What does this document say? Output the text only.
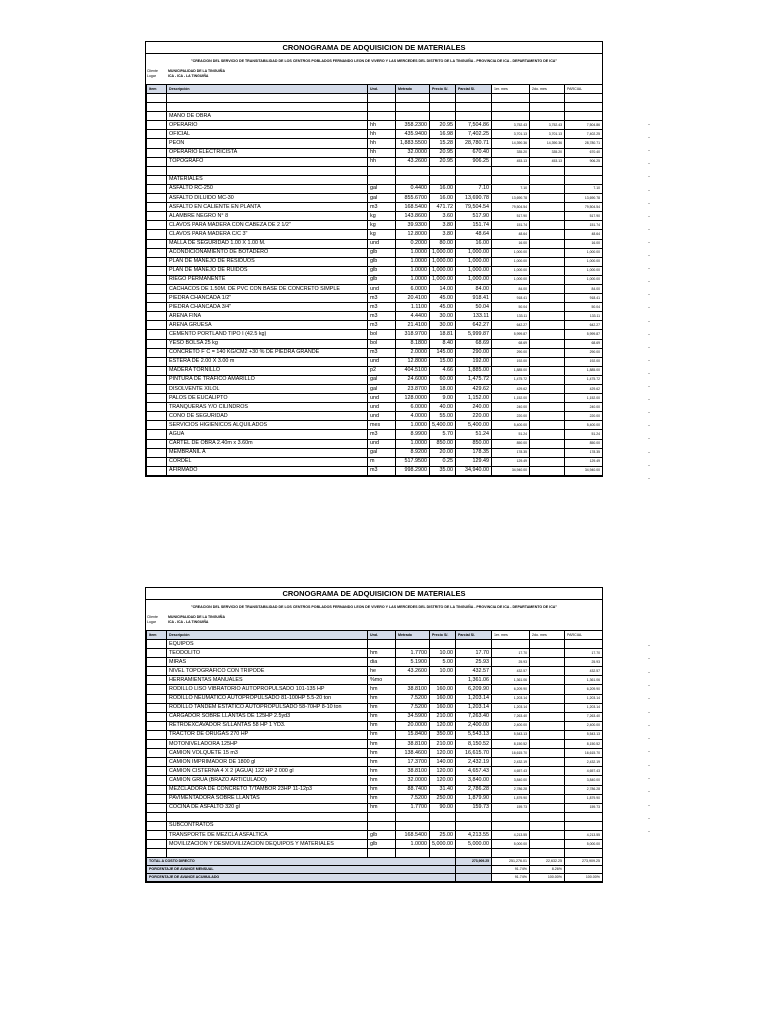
CRONOGRAMA DE ADQUISICION DE MATERIALES
"CREACION DEL SERVICIO DE TRANSITABILIDAD DE LOS CENTROS POBLADOS FERNANDO LEON DE VIVERO Y LAS MERCEDES DEL DISTRITO DE LA TINGUIÑA - PROVINCIA DE ICA - DEPARTAMENTO DE ICA"
Cliente	MUNICIPALIDAD DE LA TINGUIÑA
Lugar	ICA - ICA - LA TINGUIÑA
Item	Descripción	Und.	Metrado	Precio S/.	Parcial S/.	1er. mes	2do. mes	PARCIAL

	MANO DE OBRA							
	OPERARIO	hh	358.2300	20.95	7,504.86	3,752.43	3,752.43	7,504.86
	OFICIAL	hh	435.9400	16.98	7,402.25	3,701.13	3,701.13	7,402.25
	PEON	hh	1,883.5500	15.28	28,780.71	14,390.36	14,390.36	28,780.71
	OPERARIO ELECTRICISTA	hh	32.0000	20.95	670.40	335.20	335.20	670.40
	TOPOGRAFO	hh	43.2600	20.95	906.25	453.13	453.13	906.25

	MATERIALES							
	ASFALTO RC-250	gal	0.4400	16.00	7.10	7.10		7.10
	ASFALTO DILUIDO MC-30	gal	855.6700	16.00	13,690.78	13,690.78		13,690.78
	ASFALTO EN CALIENTE EN PLANTA	m3	168.5400	471.72	79,504.54	79,504.54		79,504.54
	ALAMBRE NEGRO N° 8	kg	143.8600	3.60	517.90	517.90		517.90
	CLAVOS PARA MADERA CON CABEZA DE 2 1/2"	kg	39.9300	3.80	151.74	151.74		151.74
	CLAVOS PARA MADERA C/C 3"	kg	12.8000	3.80	48.64	48.64		48.64
	MALLA DE SEGURIDAD 1.00 X 1.00 M.	und	0.2000	80.00	16.00	16.00		16.00
	ACONDICIONAMIENTO DE BOTADERO	glb	1.0000	1,000.00	1,000.00	1,000.00		1,000.00
	PLAN DE MANEJO DE RESIDUOS	glb	1.0000	1,000.00	1,000.00	1,000.00		1,000.00
	PLAN DE MANEJO DE RUIDOS	glb	1.0000	1,000.00	1,000.00	1,000.00		1,000.00
	RIEGO PERMANENTE	glb	1.0000	1,000.00	1,000.00	1,000.00		1,000.00
	CACHACOS DE 1.50M. DE PVC CON BASE DE CONCRETO SIMPLE	und	6.0000	14.00	84.00	84.00		84.00
	PIEDRA CHANCADA 1/2"	m3	20.4100	45.00	918.41	918.41		918.41
	PIEDRA CHANCADA 3/4"	m3	1.1100	45.00	50.04	50.04		50.04
	ARENA FINA	m3	4.4400	30.00	133.11	133.11		133.11
	ARENA GRUESA	m3	21.4100	30.00	642.27	642.27		642.27
	CEMENTO PORTLAND TIPO I (42.5 kg)	bol	318.9700	18.81	5,999.87	5,999.87		5,999.87
	YESO BOLSA 25 kg	bol	8.1800	8.40	68.69	68.69		68.69
	CONCRETO F´C = 140 KG/CM2 +30 % DE PIEDRA GRANDE	m3	2.0000	145.00	290.00	290.00		290.00
	ESTERA DE 2.00 X 3.00 m	und	12.8000	15.00	192.00	192.00		192.00
	MADERA TORNILLO	p2	404.5100	4.66	1,885.00	1,885.00		1,885.00
	PINTURA DE TRAFICO AMARILLO	gal	24.6000	60.00	1,475.72	1,475.72		1,475.72
	DISOLVENTE XILOL	gal	23.8700	18.00	429.62	429.62		429.62
	PALOS DE EUCALIPTO	und	128.0000	9.00	1,152.00	1,152.00		1,152.00
	TRANQUERAS Y/O CILINDROS	und	6.0000	40.00	240.00	240.00		240.00
	CONO DE SEGURIDAD	und	4.0000	55.00	220.00	220.00		220.00
	SERVICIOS HIGIENICOS ALQUILADOS	mes	1.0000	5,400.00	5,400.00	5,400.00		5,400.00
	AGUA	m3	8.9900	5.70	51.24	51.24		51.24
	CARTEL DE OBRA 2.40m x 3.60m	und	1.0000	850.00	850.00	850.00		850.00
	MEMBRANIL A	gal	8.9200	20.00	178.35	178.35		178.35
	CORDEL	m	517.9500	0.25	129.49	129.49		129.49
	AFIRMADO	m3	998.2900	35.00	34,940.00	34,940.00		34,940.00
CRONOGRAMA DE ADQUISICION DE MATERIALES
"CREACION DEL SERVICIO DE TRANSITABILIDAD DE LOS CENTROS POBLADOS FERNANDO LEON DE VIVERO Y LAS MERCEDES DEL DISTRITO DE LA TINGUIÑA - PROVINCIA DE ICA - DEPARTAMENTO DE ICA"
Cliente	MUNICIPALIDAD DE LA TINGUIÑA
Lugar	ICA - ICA - LA TINGUIÑA
Item	Descripción	Und.	Metrado	Precio S/.	Parcial S/.	1er. mes	2do. mes	PARCIAL
	EQUIPOS							
	TEODOLITO	hm	1.7700	10.00	17.70	17.70		17.70
	MIRAS	dia	5.1900	5.00	25.93	25.93		25.93
	NIVEL TOPOGRAFICO CON TRIPODE	he	43.2600	10.00	432.57	432.57		432.57
	HERRAMIENTAS MANUALES	%mo			1,361.06	1,361.06		1,361.06
	RODILLO LISO VIBRATORIO AUTOPROPULSADO 101-135 HP	hm	38.8100	160.00	6,209.90	6,209.90		6,209.90
	RODILLO NEUMATICO AUTOPROPULSADO 81-100HP 5.5-20 ton	hm	7.5200	160.00	1,203.14	1,203.14		1,203.14
	RODILLO TANDEM ESTATICO AUTOPROPULSADO 58-70HP 8-10 ton	hm	7.5200	160.00	1,203.14	1,203.14		1,203.14
	CARGADOR SOBRE LLANTAS DE 125HP 2.5yd3	hm	34.5900	210.00	7,263.40	7,263.40		7,263.40
	RETROEXCAVADOR S/LLANTAS 58 HP 1 YD3.	hm	20.0000	120.00	2,400.00	2,400.00		2,400.00
	TRACTOR DE ORUGAS 270 HP	hm	15.8400	350.00	5,543.13	5,543.13		5,543.13
	MOTONIVELADORA 125HP	hm	38.8100	210.00	8,150.52	8,150.52		8,150.52
	CAMION VOLQUETE 15 m3	hm	138.4600	120.00	16,615.70	16,615.70		16,615.70
	CAMION IMPRIMADOR DE 1800 gl	hm	17.3700	140.00	2,432.19	2,432.19		2,432.19
	CAMION CISTERNA 4 X 2 (AGUA) 122 HP 2 000 gl	hm	38.8100	120.00	4,657.43	4,657.43		4,657.43
	CAMION GRUA (BRAZO ARTICULADO)	hm	32.0000	120.00	3,840.00	3,840.00		3,840.00
	MEZCLADORA DE CONCRETO T/TAMBOR 23HP 11-12p3	hm	88.7400	31.40	2,786.28	2,786.28		2,786.28
	PAVIMENTADORA SOBRE LLANTAS	hm	7.5200	250.00	1,879.90	1,879.90		1,879.90
	COCINA DE ASFALTO 320 gl	hm	1.7700	90.00	159.73	159.73		159.73

	SUBCONTRATOS							
	TRANSPORTE DE MEZCLA ASFALTICA	glb	168.5400	25.00	4,213.55	4,213.55		4,213.55
	MOVILIZACION Y DESMOVILIZACION DEQUIPOS Y MATERIALES	glb	1.0000	5,000.00	5,000.00	5,000.00		5,000.00

TOTAL A COSTO DIRECTO					273,909.25	251,276.01	22,632.25	273,909.25
PORCENTAJE DE AVANCE MENSUAL						91.74%	8.26%	
PORCENTAJE DE AVANCE ACUMULADO						91.74%	100.00%	100.00%
-
-
-
-
-
-
-
-
-
-
-
-
-
-
-
-
-
-
-
-
-
-
-
-
-
-
-
-
-
-
-
-
-
-
-
-
-
-
-
-
-
-
-
